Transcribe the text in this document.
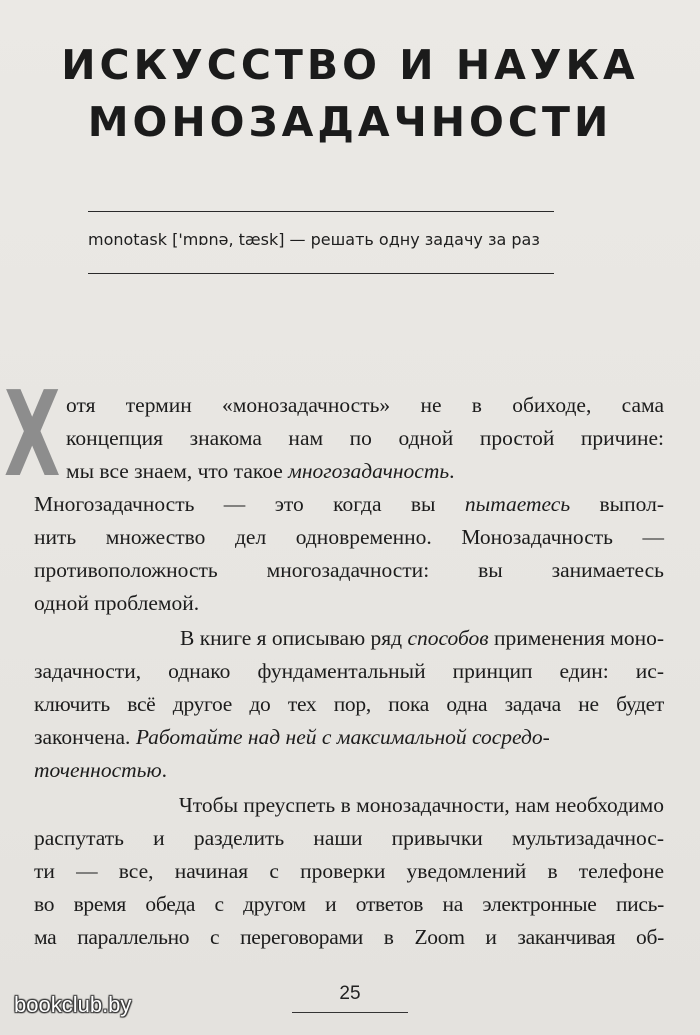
ИСКУССТВО И НАУКА
МОНОЗАДАЧНОСТИ

monotask ['mɒnə, tæsk] — решать одну задачу за раз

Х отя термин «монозадачность» не в обиходе, сама
концепция знакома нам по одной простой причине:
мы все знаем, что такое многозадачность.
Многозадачность — это когда вы пытаетесь выпол-
нить множество дел одновременно. Монозадачность —
противоположность многозадачности: вы занимаетесь
одной проблемой.
В книге я описываю ряд способов применения моно-
задачности, однако фундаментальный принцип един: ис-
ключить всё другое до тех пор, пока одна задача не будет
закончена. Работайте над ней с максимальной сосредо-
точенностью.
Чтобы преуспеть в монозадачности, нам необходимо
распутать и разделить наши привычки мультизадачнос-
ти — все, начиная с проверки уведомлений в телефоне
во время обеда с другом и ответов на электронные пись-
ма параллельно с переговорами в Zoom и заканчивая об-

25

bookclub.by
